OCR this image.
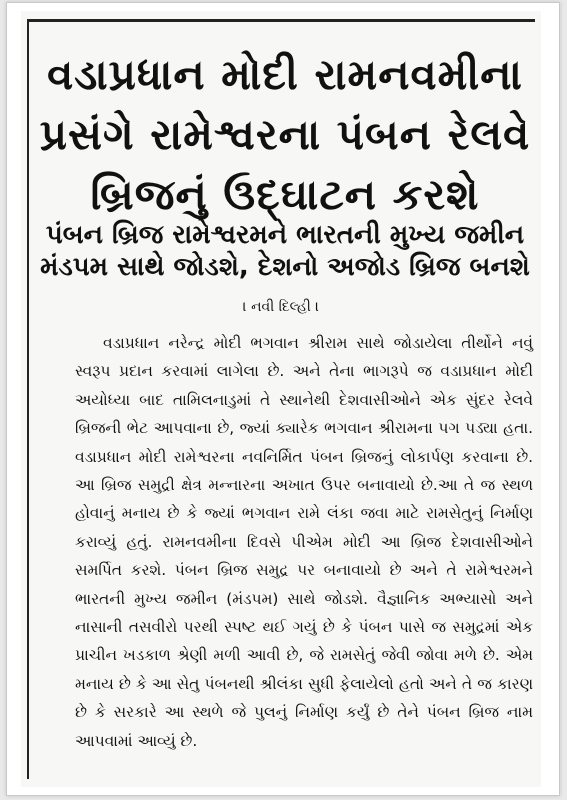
વડાપ્રધાન મોદી રામનવમીના પ્રસંગે રામેશ્વરના પંબન રેલવે બ્રિજનું ઉદ્ઘાટન કરશે
પંબન બ્રિજ રામેશ્વરમને ભારતની મુખ્ય જમીન મંડપમ સાથે જોડશે, દેશનો અજોડ બ્રિજ બનશે
। નવી દિલ્હી ।
વડાપ્રધાન નરેન્દ્ર મોદી ભગવાન શ્રીરામ સાથે જોડાયેલા તીર્થોને નવું સ્વરૂપ પ્રદાન કરવામાં લાગેલા છે. અને તેના ભાગરૂપે જ વડાપ્રધાન મોદી અયોધ્યા બાદ તામિલનાડુમાં તે સ્થાનેથી દેશવાસીઓને એક સુંદર રેલવે બ્રિજની ભેટ આપવાના છે, જ્યાં ક્યારેક ભગવાન શ્રીરામના પગ પડ્યા હતા. વડાપ્રધાન મોદી રામેશ્વરના નવનિર્મિત પંબન બ્રિજનું લોકાર્પણ કરવાના છે. આ બ્રિજ સમુદ્રી ક્ષેત્ર મન્નારના અખાત ઉપર બનાવાયો છે.આ તે જ સ્થળ હોવાનું મનાય છે કે જ્યાં ભગવાન રામે લંકા જવા માટે રામસેતુનું નિર્માણ કરાવ્યું હતું. રામનવમીના દિવસે પીએમ મોદી આ બ્રિજ દેશવાસીઓને સમર્પિત કરશે. પંબન બ્રિજ સમુદ્ર પર બનાવાયો છે અને તે રામેશ્વરમને ભારતની મુખ્ય જમીન (મંડપમ) સાથે જોડશે. વૈજ્ઞાનિક અભ્યાસો અને નાસાની તસવીરો પરથી સ્પષ્ટ થઈ ગયું છે કે પંબન પાસે જ સમુદ્રમાં એક પ્રાચીન ખડકાળ શ્રેણી મળી આવી છે, જે રામસેતું જેવી જોવા મળે છે. એમ મનાય છે કે આ સેતુ પંબનથી શ્રીલંકા સુધી ફેલાયેલો હતો અને તે જ કારણ છે કે સરકારે આ સ્થળે જે પુલનું નિર્માણ કર્યું છે તેને પંબન બ્રિજ નામ આપવામાં આવ્યું છે.
